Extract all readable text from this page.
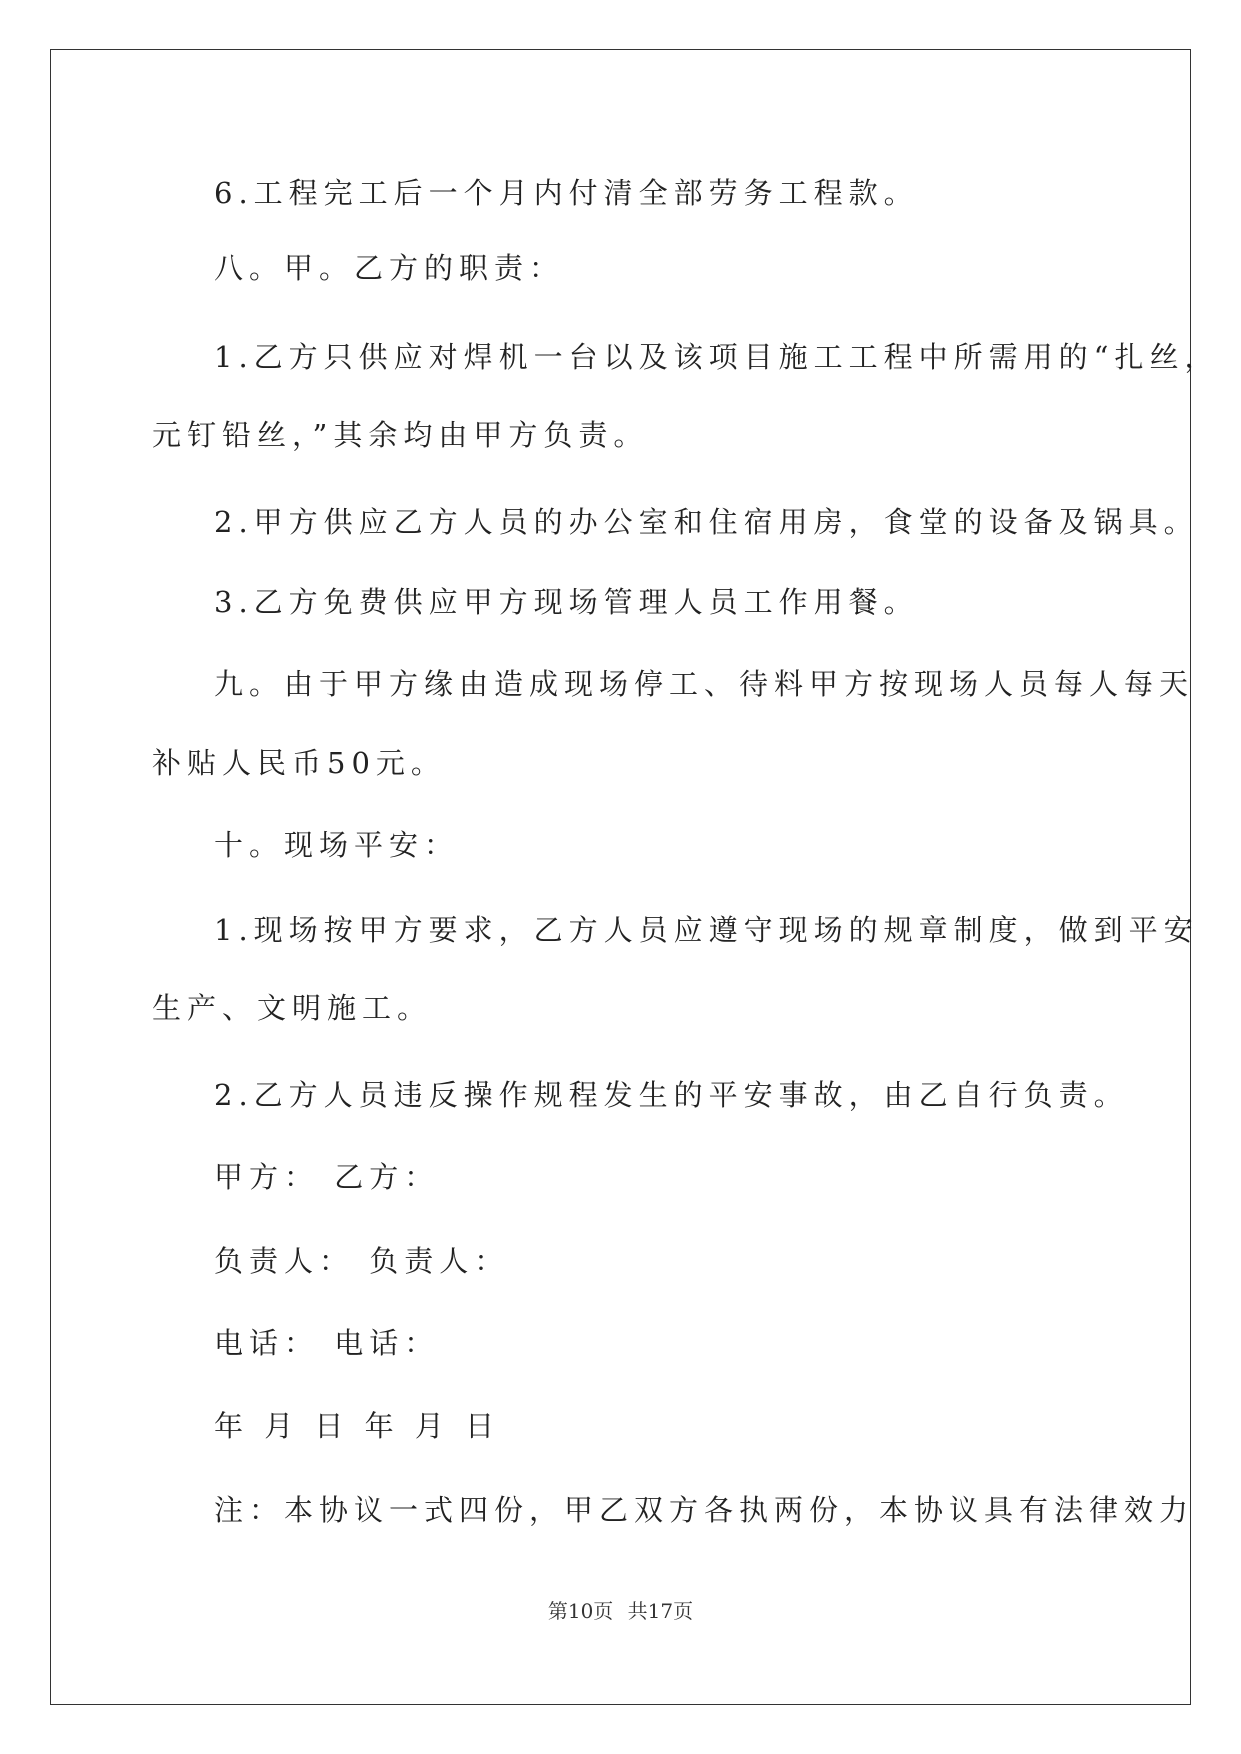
6.工程完工后一个月内付清全部劳务工程款。
八。甲。乙方的职责：
1.乙方只供应对焊机一台以及该项目施工工程中所需用的“扎丝，
元钉铅丝，”其余均由甲方负责。
2.甲方供应乙方人员的办公室和住宿用房，食堂的设备及锅具。
3.乙方免费供应甲方现场管理人员工作用餐。
九。由于甲方缘由造成现场停工、待料甲方按现场人员每人每天
补贴人民币50元。
十。现场平安：
1.现场按甲方要求，乙方人员应遵守现场的规章制度，做到平安
生产、文明施工。
2.乙方人员违反操作规程发生的平安事故，由乙自行负责。
甲方： 乙方：
负责人： 负责人：
电话： 电话：
年 月 日 年 月 日
注：本协议一式四份，甲乙双方各执两份，本协议具有法律效力
第10页 共17页
